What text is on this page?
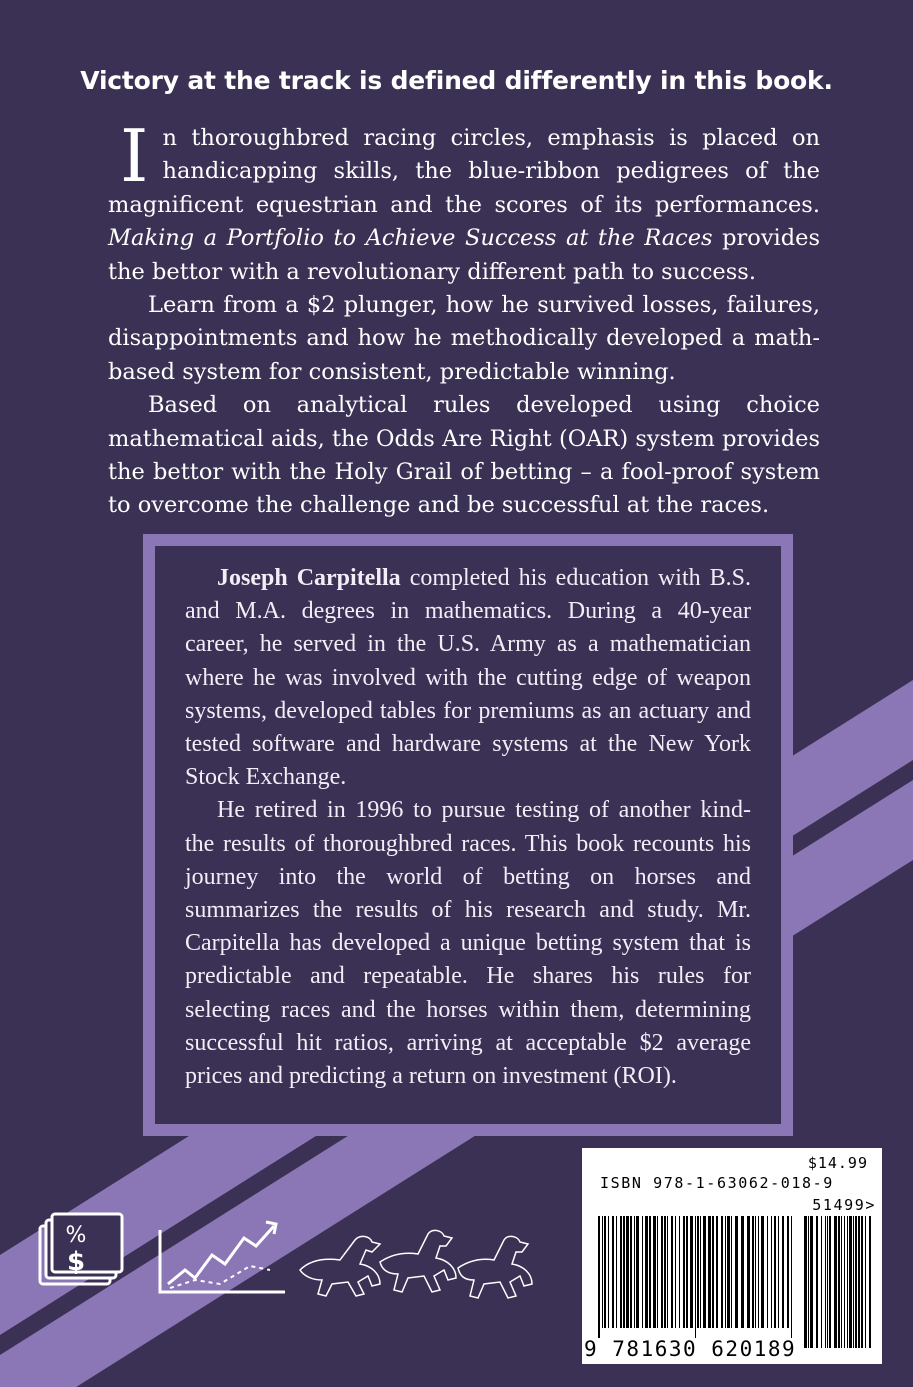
Victory at the track is defined differently in this book.

In thoroughbred racing circles, emphasis is placed on handicapping skills, the blue-ribbon pedigrees of the magnificent equestrian and the scores of its performances. Making a Portfolio to Achieve Success at the Races provides the bettor with a revolutionary different path to success.

Learn from a $2 plunger, how he survived losses, failures, disappointments and how he methodically developed a math-based system for consistent, predictable winning.

Based on analytical rules developed using choice mathematical aids, the Odds Are Right (OAR) system provides the bettor with the Holy Grail of betting – a fool-proof system to overcome the challenge and be successful at the races.

Joseph Carpitella completed his education with B.S. and M.A. degrees in mathematics. During a 40-year career, he served in the U.S. Army as a mathematician where he was involved with the cutting edge of weapon systems, developed tables for premiums as an actuary and tested software and hardware systems at the New York Stock Exchange.

He retired in 1996 to pursue testing of another kind- the results of thoroughbred races. This book recounts his journey into the world of betting on horses and summarizes the results of his research and study. Mr. Carpitella has developed a unique betting system that is predictable and repeatable. He shares his rules for selecting races and the horses within them, determining successful hit ratios, arriving at acceptable $2 average prices and predicting a return on investment (ROI).

%
$
$14.99
ISBN 978-1-63062-018-9
51499>
9 781630 620189
